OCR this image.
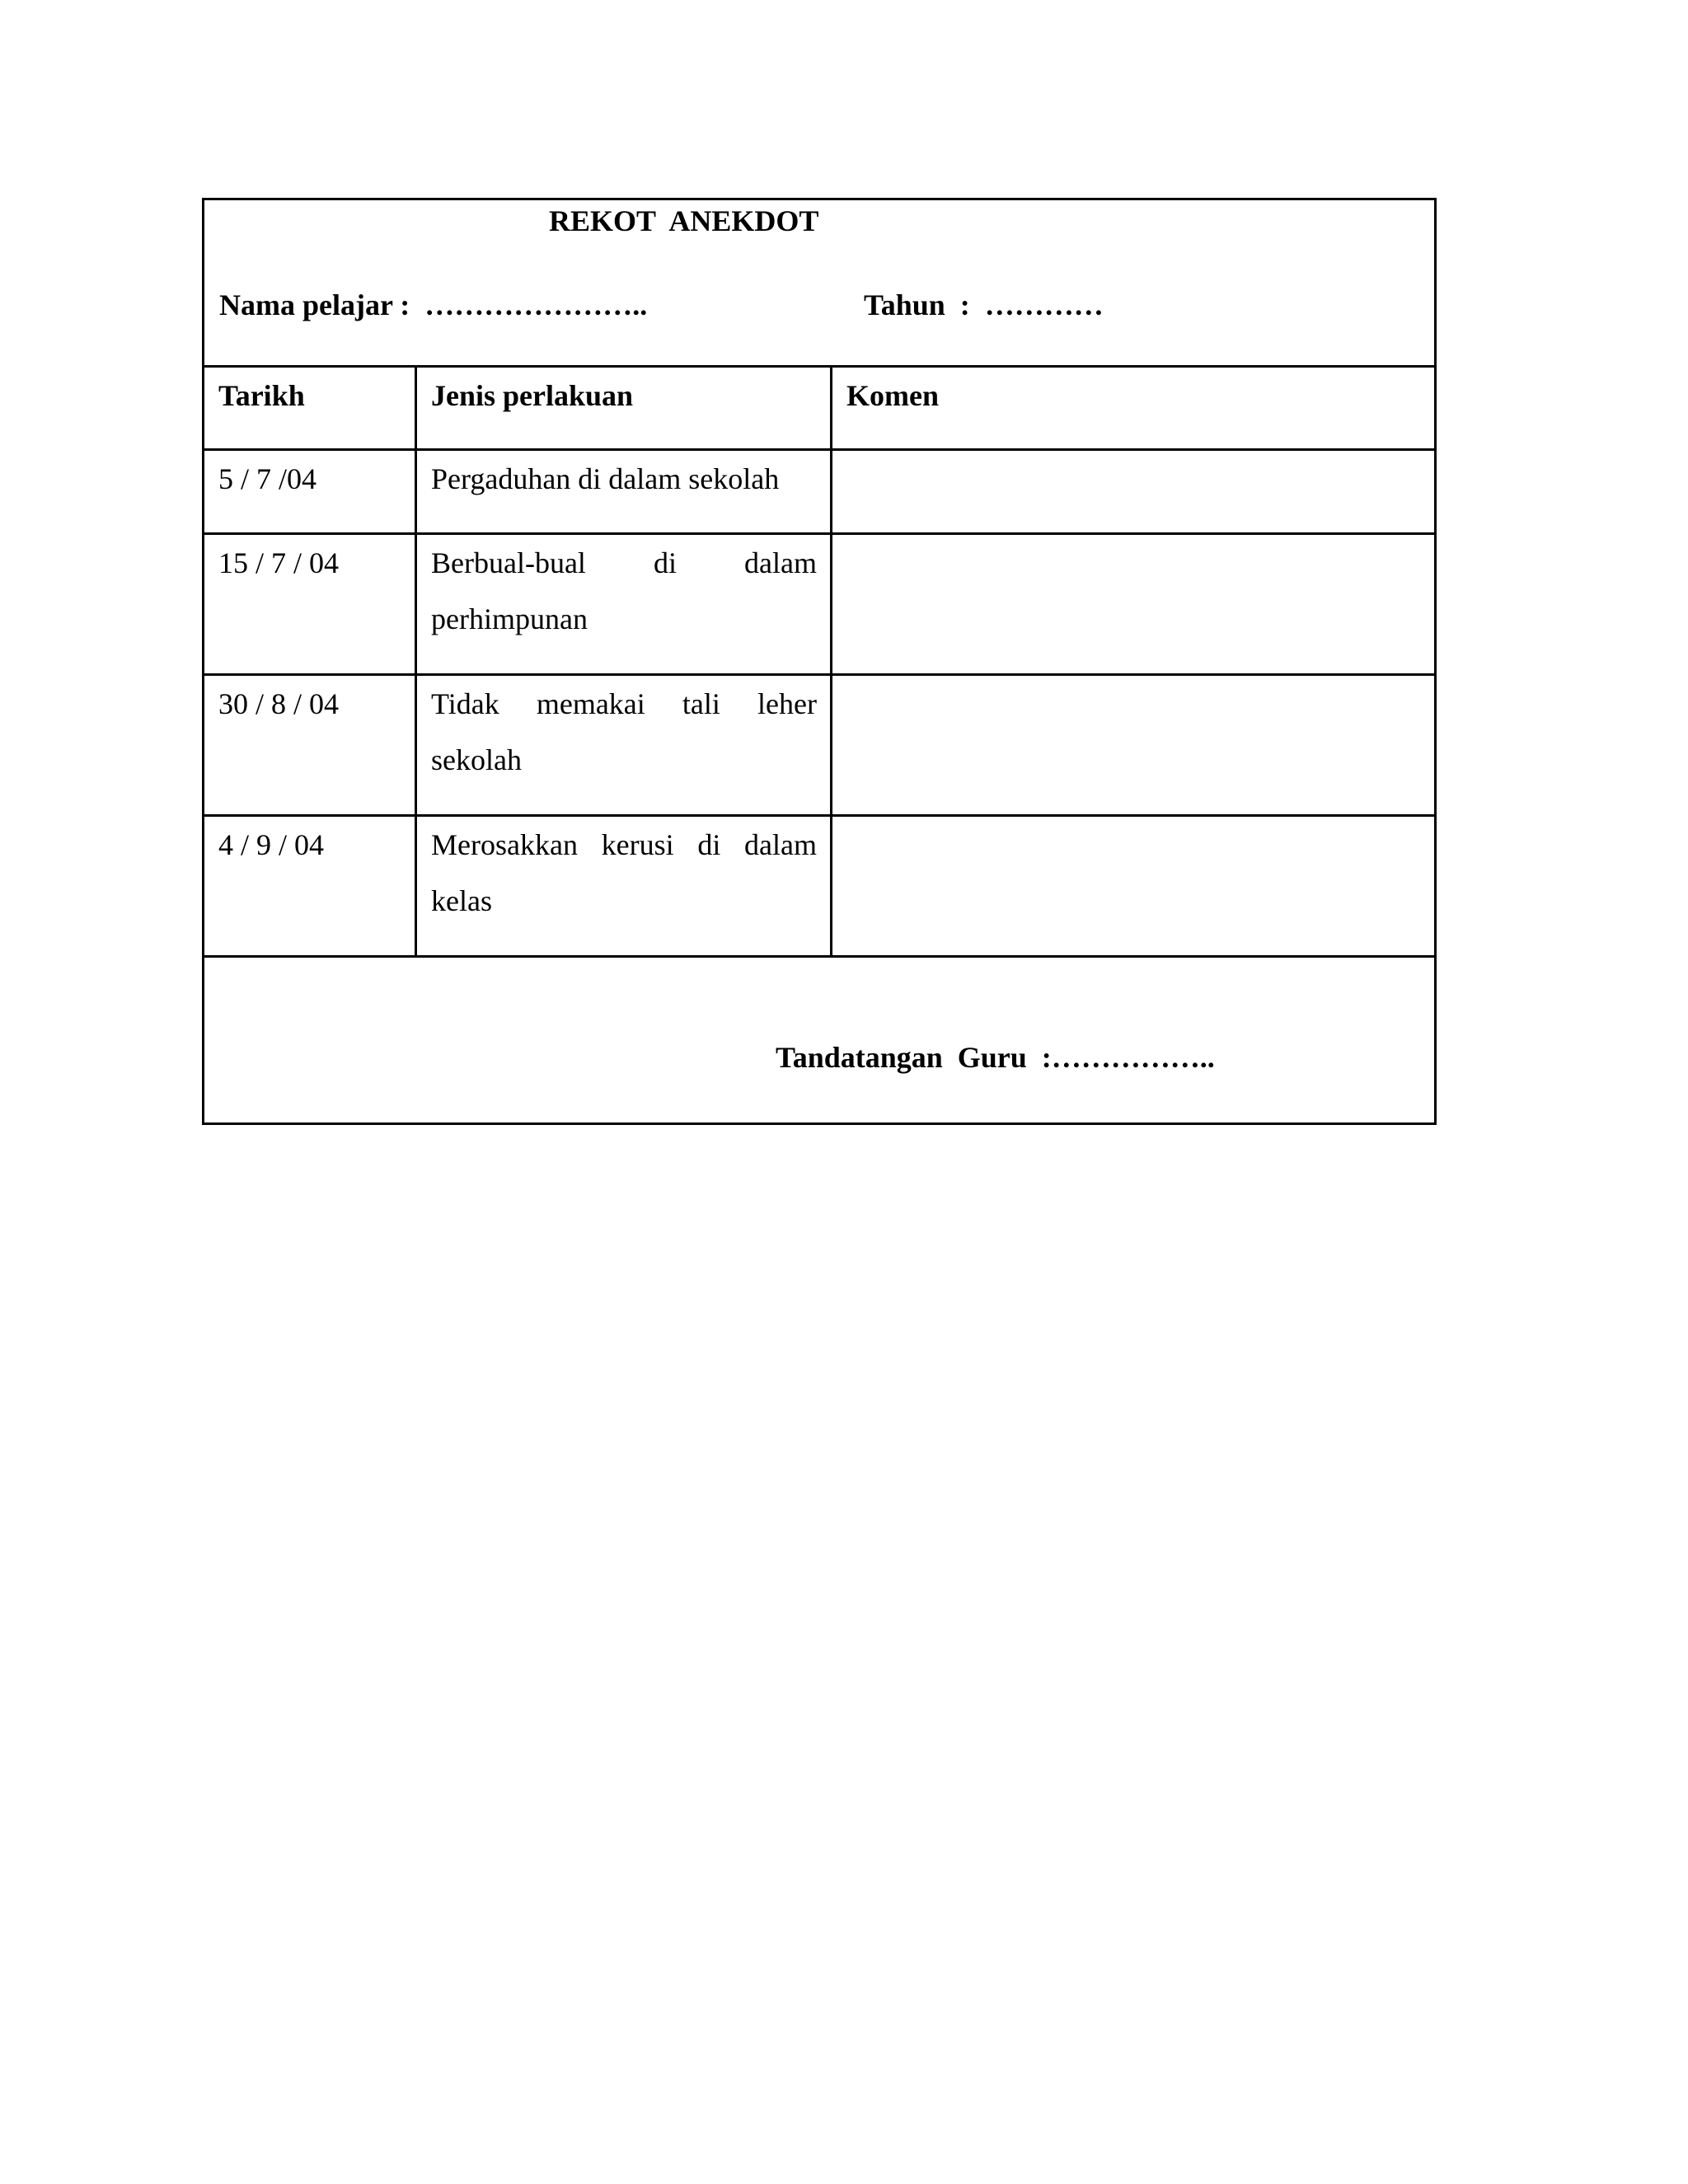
REKOT  ANEKDOT
Nama pelajar :  ………………….. Tahun  :  …………		

Tarikh	Jenis perlakuan	Komen

5 / 7 /04	Pergaduhan di dalam sekolah	

15 / 7 / 04	Berbual-bual di dalam perhimpunan	

30 / 8 / 04	Tidak memakai tali leher sekolah	

4 / 9 / 04	Merosakkan kerusi di dalam kelas	

Tandatangan  Guru  :……………..		
